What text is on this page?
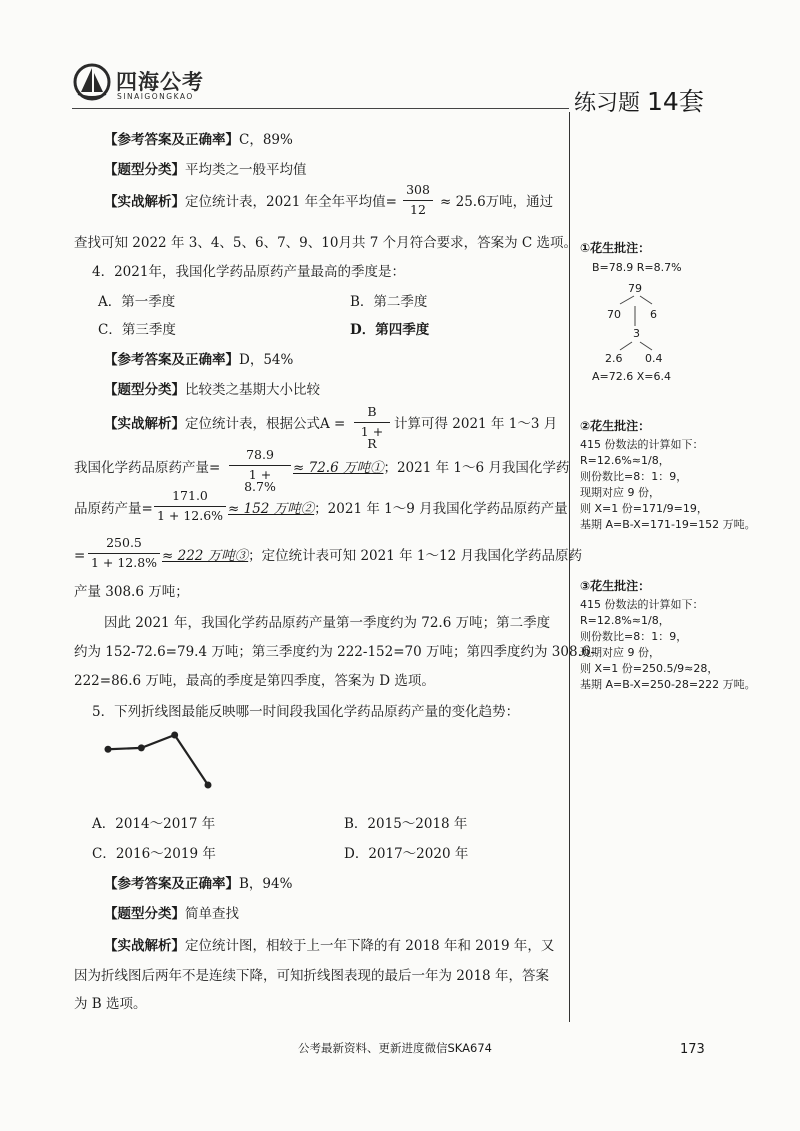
四海公考
SINAIGONGKAO	练习题 14套
【参考答案及正确率】C，89%
【题型分类】平均类之一般平均值
【实战解析】定位统计表，2021 年全年平均值= $\frac{308}{12} \approx 25.6$万吨，通过
查找可知 2022 年 3、4、5、6、7、9、10月共 7 个月符合要求，答案为 C 选项。
4．2021年，我国化学药品原药产量最高的季度是：
A．第一季度	B．第二季度
C．第三季度	D．第四季度
【参考答案及正确率】D，54%
【题型分类】比较类之基期大小比较
【实战解析】定位统计表，根据公式$A = \frac{B}{1 + R}$ 计算可得 2021 年 1～3 月
我国化学药品原药产量= $\frac{78.9}{1 + 8.7\%} \approx 72.6$ 万吨①；2021 年 1～6 月我国化学药
品原药产量= $\frac{171.0}{1 + 12.6\%} \approx 152$ 万吨②；2021 年 1～9 月我国化学药品原药产量
= $\frac{250.5}{1 + 12.8\%} \approx 222$ 万吨③；定位统计表可知 2021 年 1～12 月我国化学药品原药
产量 308.6 万吨；
因此 2021 年，我国化学药品原药产量第一季度约为 72.6 万吨；第二季度
约为 152-72.6=79.4 万吨；第三季度约为 222-152=70 万吨；第四季度约为 308.6-
222=86.6 万吨，最高的季度是第四季度，答案为 D 选项。
5．下列折线图最能反映哪一时间段我国化学药品原药产量的变化趋势：
A．2014～2017 年	B．2015～2018 年
C．2016～2019 年	D．2017～2020 年
【参考答案及正确率】B，94%
【题型分类】简单查找
【实战解析】定位统计图，相较于上一年下降的有 2018 年和 2019 年，又
因为折线图后两年不是连续下降，可知折线图表现的最后一年为 2018 年，答案
为 B 选项。
①花生批注：
B=78.9 R=8.7%
79
70	6
3
2.6 0.4
A=72.6 X=6.4
②花生批注：
415 份数法的计算如下：
R=12.6%≈1/8，
则份数比=8：1：9，
现期对应 9 份，
则 X=1 份=171/9=19，
基期 A=B-X=171-19=152 万吨。
③花生批注：
415 份数法的计算如下：
R=12.8%≈1/8，
则份数比=8：1：9，
现期对应 9 份，
则 X=1 份=250.5/9≈28，
基期 A=B-X=250-28=222 万吨。
公考最新资料、更新进度微信SKA674	173
